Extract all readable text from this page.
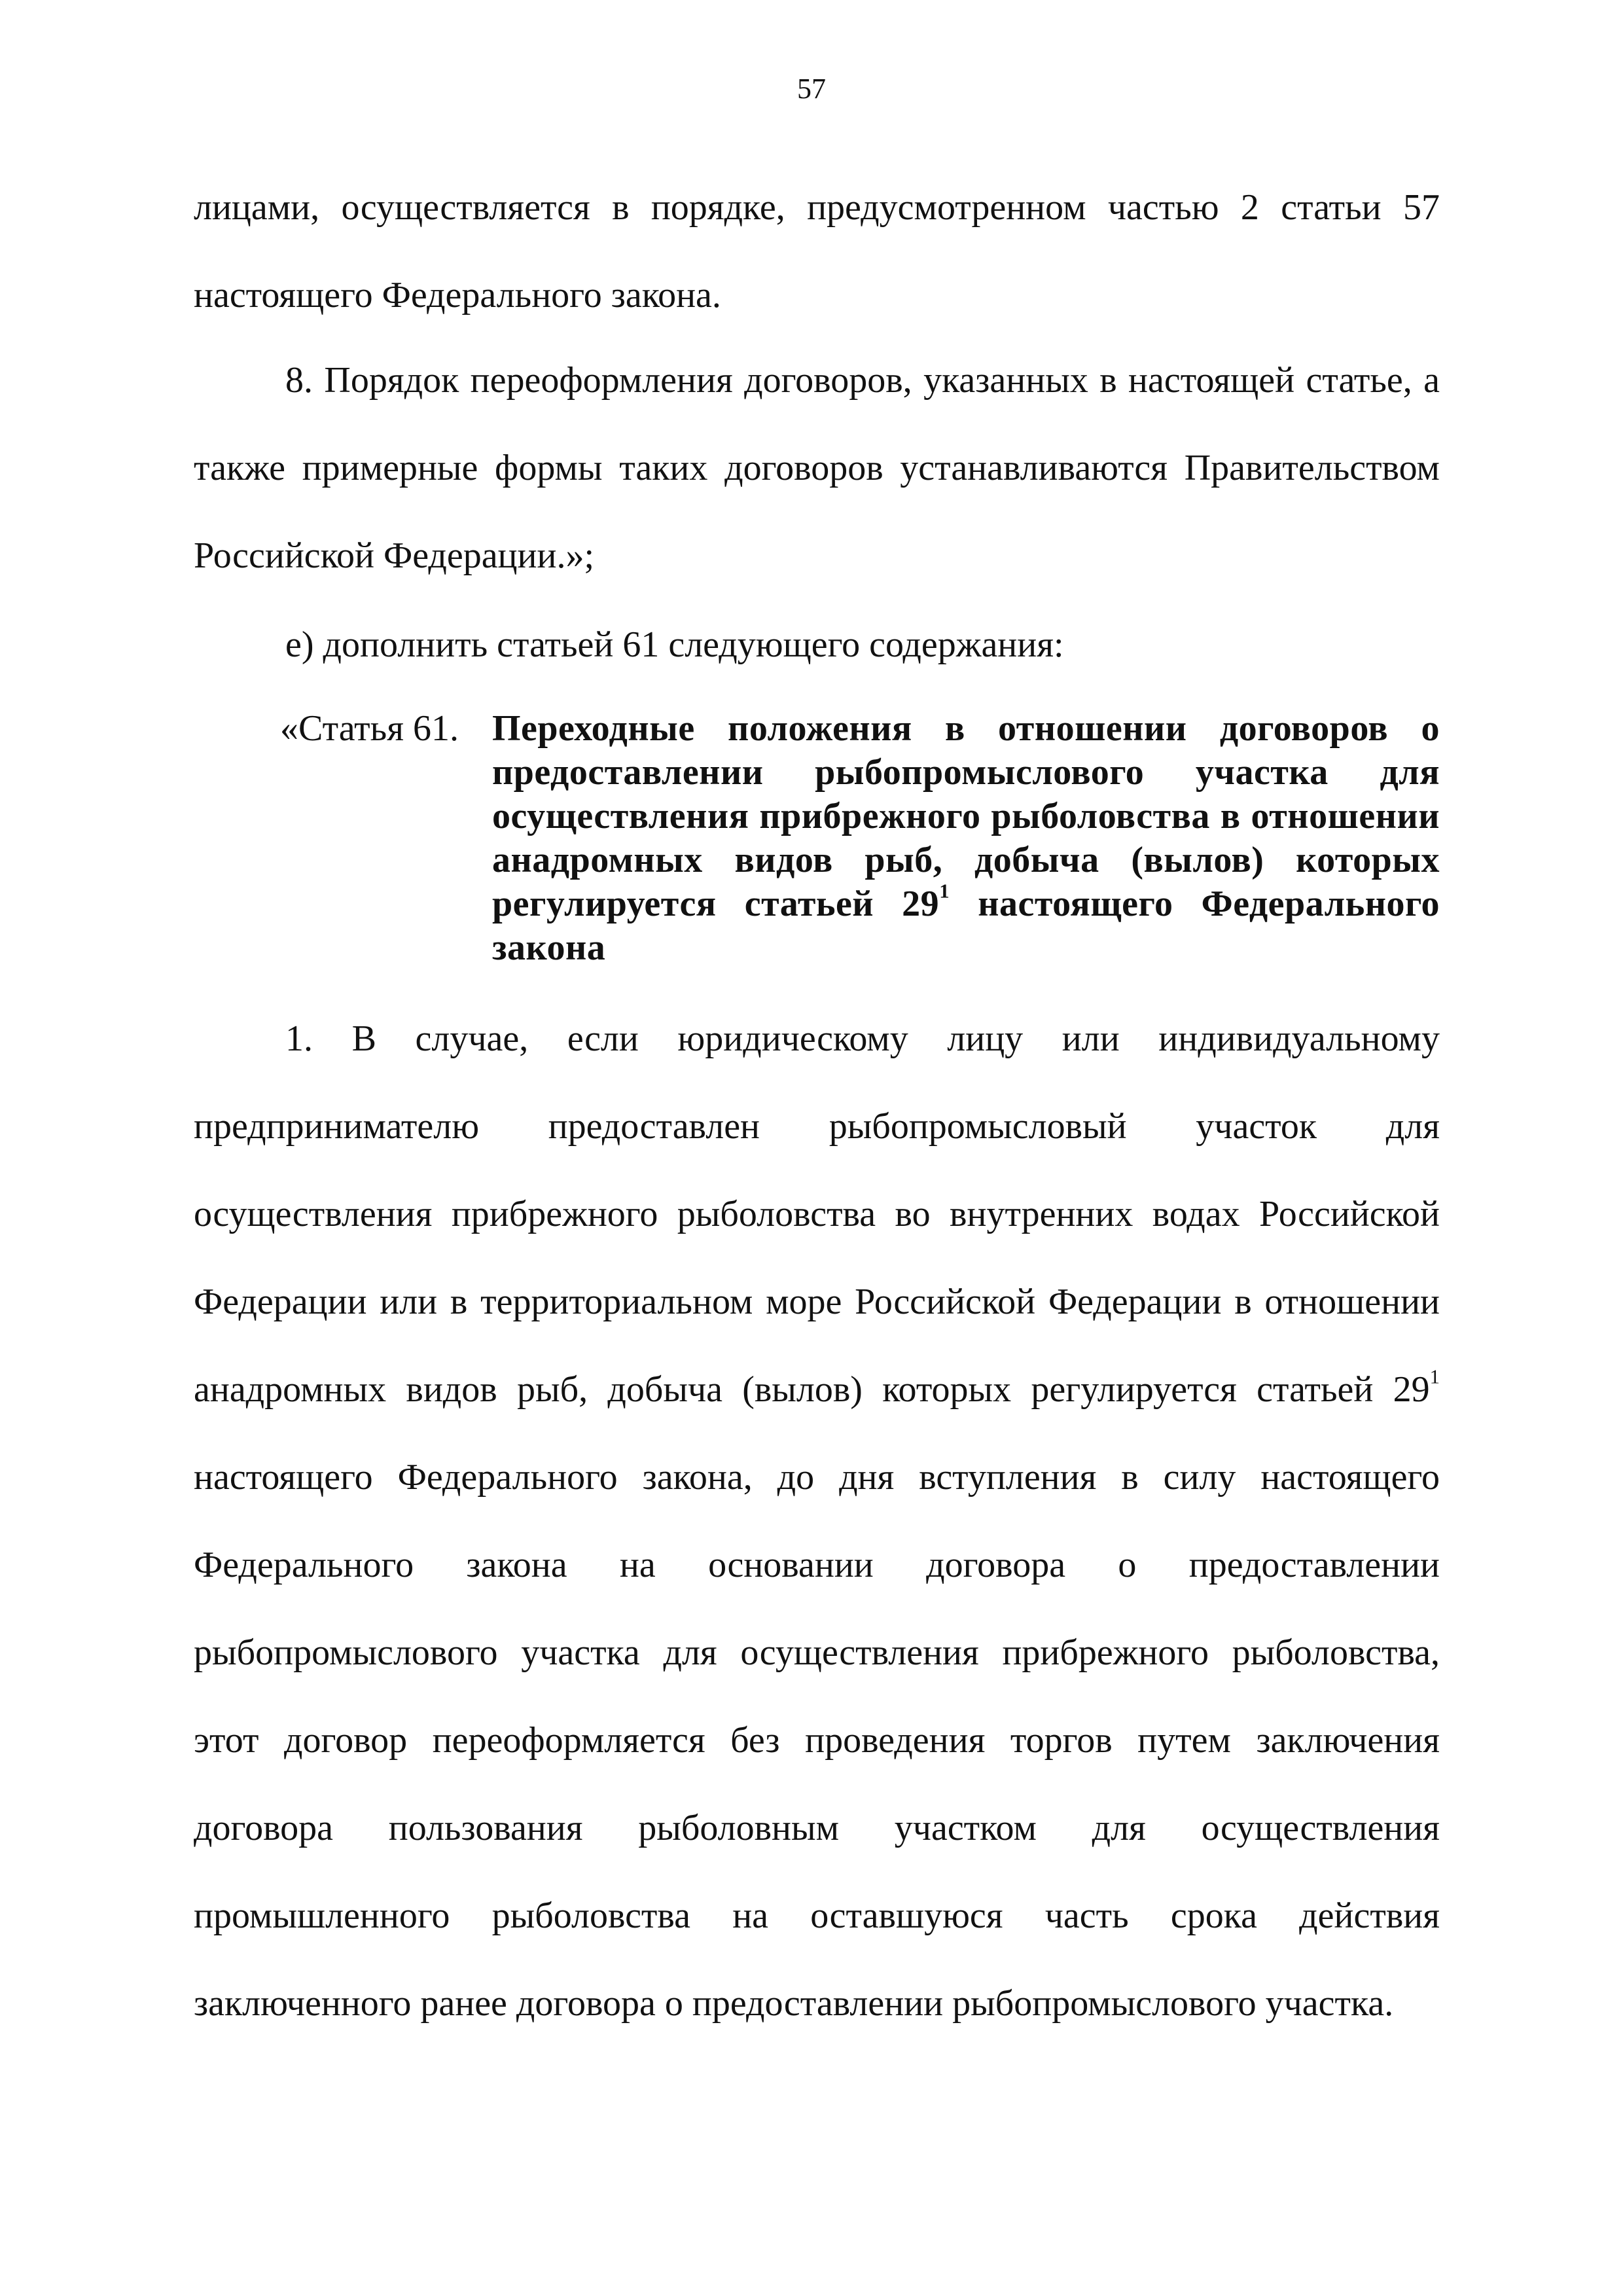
57

лицами, осуществляется в порядке, предусмотренном частью 2 статьи 57 настоящего Федерального закона.

8. Порядок переоформления договоров, указанных в настоящей статье, а также примерные формы таких договоров устанавливаются Правительством Российской Федерации.»;

е) дополнить статьей 61 следующего содержания:

«Статья 61. Переходные положения в отношении договоров о предоставлении рыбопромыслового участка для осуществления прибрежного рыболовства в отношении анадромных видов рыб, добыча (вылов) которых регулируется статьей $29^1$ настоящего Федерального закона

1. В случае, если юридическому лицу или индивидуальному предпринимателю предоставлен рыбопромысловый участок для осуществления прибрежного рыболовства во внутренних водах Российской Федерации или в территориальном море Российской Федерации в отношении анадромных видов рыб, добыча (вылов) которых регулируется статьей $29^1$ настоящего Федерального закона, до дня вступления в силу настоящего Федерального закона на основании договора о предоставлении рыбопромыслового участка для осуществления прибрежного рыболовства, этот договор переоформляется без проведения торгов путем заключения договора пользования рыболовным участком для осуществления промышленного рыболовства на оставшуюся часть срока действия заключенного ранее договора о предоставлении рыбопромыслового участка.
